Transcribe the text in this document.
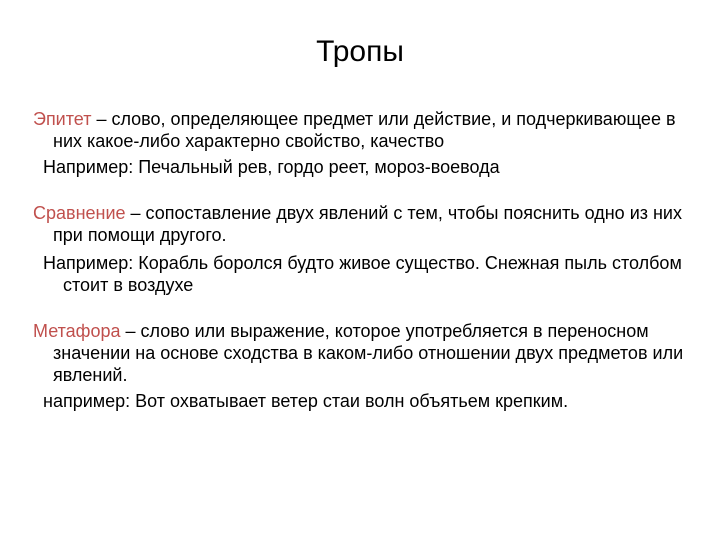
Тропы

Эпитет – слово, определяющее предмет или действие, и подчеркивающее в них какое-либо характерно свойство, качество

Например: Печальный рев, гордо реет, мороз-воевода

Сравнение – сопоставление двух явлений с тем, чтобы пояснить одно из них при помощи другого.

Например: Корабль боролся будто живое существо. Снежная пыль столбом стоит в воздухе

Метафора – слово или выражение, которое употребляется в переносном значении на основе сходства в каком-либо отношении двух предметов или явлений.

например: Вот охватывает ветер стаи волн объятьем крепким.
